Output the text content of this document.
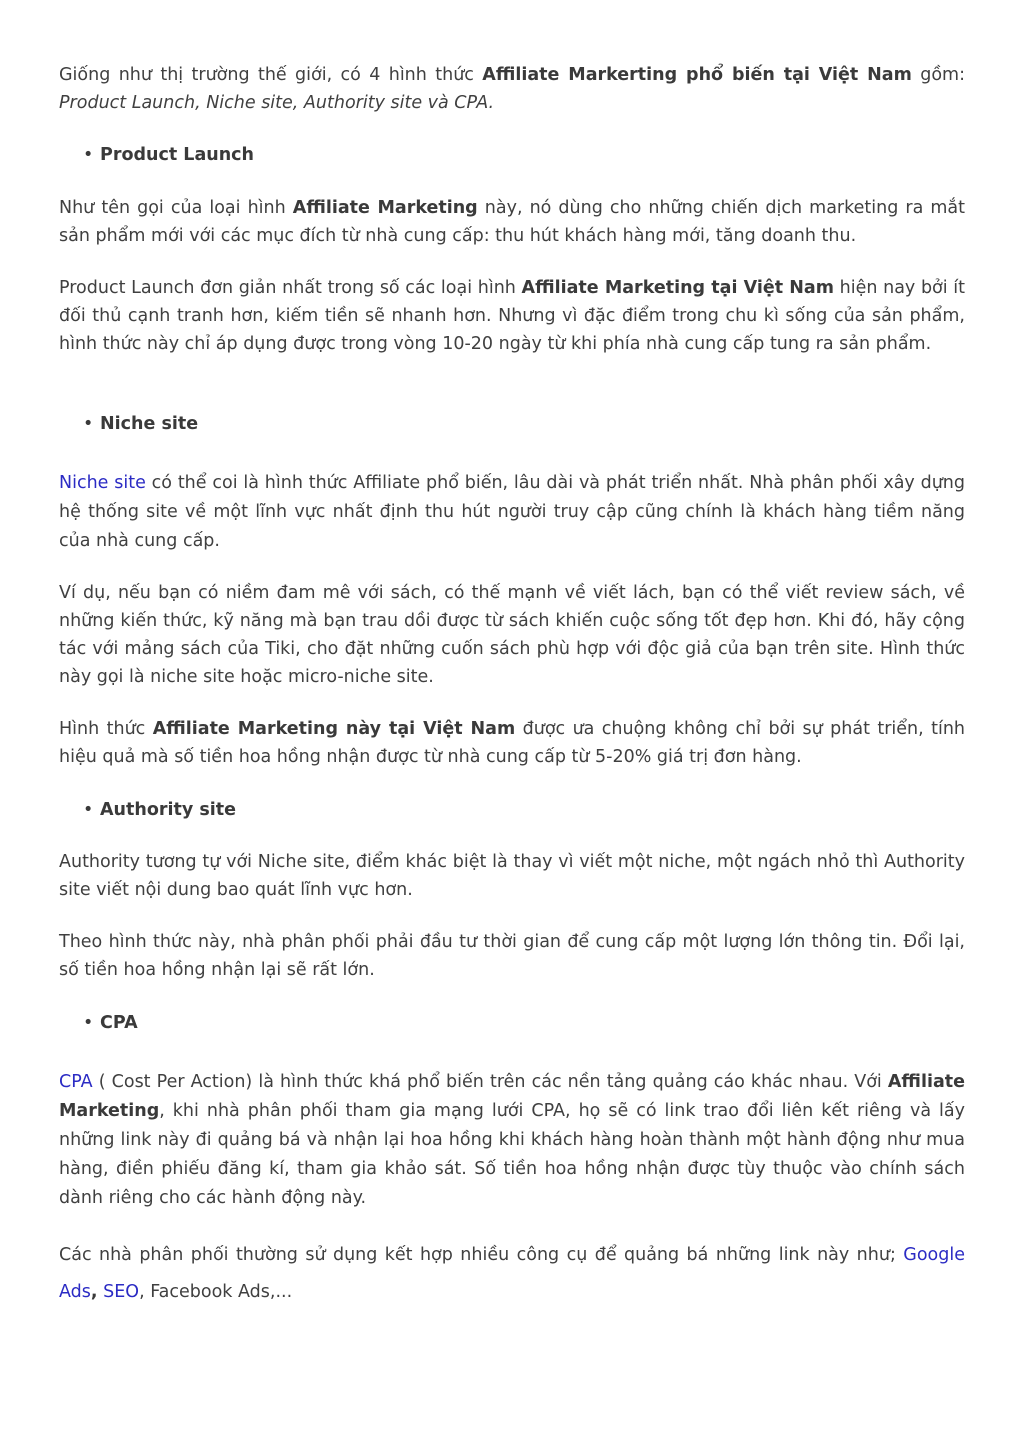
Giống như thị trường thế giới, có 4 hình thức Affiliate Markerting phổ biến tại Việt Nam gồm: Product Launch, Niche site, Authority site và CPA.

• Product Launch

Như tên gọi của loại hình Affiliate Marketing này, nó dùng cho những chiến dịch marketing ra mắt sản phẩm mới với các mục đích từ nhà cung cấp: thu hút khách hàng mới, tăng doanh thu.

Product Launch đơn giản nhất trong số các loại hình Affiliate Marketing tại Việt Nam hiện nay bởi ít đối thủ cạnh tranh hơn, kiếm tiền sẽ nhanh hơn. Nhưng vì đặc điểm trong chu kì sống của sản phẩm, hình thức này chỉ áp dụng được trong vòng 10-20 ngày từ khi phía nhà cung cấp tung ra sản phẩm.

• Niche site

Niche site có thể coi là hình thức Affiliate phổ biến, lâu dài và phát triển nhất. Nhà phân phối xây dựng hệ thống site về một lĩnh vực nhất định thu hút người truy cập cũng chính là khách hàng tiềm năng của nhà cung cấp.

Ví dụ, nếu bạn có niềm đam mê với sách, có thế mạnh về viết lách, bạn có thể viết review sách, về những kiến thức, kỹ năng mà bạn trau dồi được từ sách khiến cuộc sống tốt đẹp hơn. Khi đó, hãy cộng tác với mảng sách của Tiki, cho đặt những cuốn sách phù hợp với độc giả của bạn trên site. Hình thức này gọi là niche site hoặc micro-niche site.

Hình thức Affiliate Marketing này tại Việt Nam được ưa chuộng không chỉ bởi sự phát triển, tính hiệu quả mà số tiền hoa hồng nhận được từ nhà cung cấp từ 5-20% giá trị đơn hàng.

• Authority site

Authority tương tự với Niche site, điểm khác biệt là thay vì viết một niche, một ngách nhỏ thì Authority site viết nội dung bao quát lĩnh vực hơn.

Theo hình thức này, nhà phân phối phải đầu tư thời gian để cung cấp một lượng lớn thông tin. Đổi lại, số tiền hoa hồng nhận lại sẽ rất lớn.

• CPA

CPA ( Cost Per Action) là hình thức khá phổ biến trên các nền tảng quảng cáo khác nhau. Với Affiliate Marketing, khi nhà phân phối tham gia mạng lưới CPA, họ sẽ có link trao đổi liên kết riêng và lấy những link này đi quảng bá và nhận lại hoa hồng khi khách hàng hoàn thành một hành động như mua hàng, điền phiếu đăng kí, tham gia khảo sát. Số tiền hoa hồng nhận được tùy thuộc vào chính sách dành riêng cho các hành động này.

Các nhà phân phối thường sử dụng kết hợp nhiều công cụ để quảng bá những link này như; Google Ads, SEO, Facebook Ads,...
